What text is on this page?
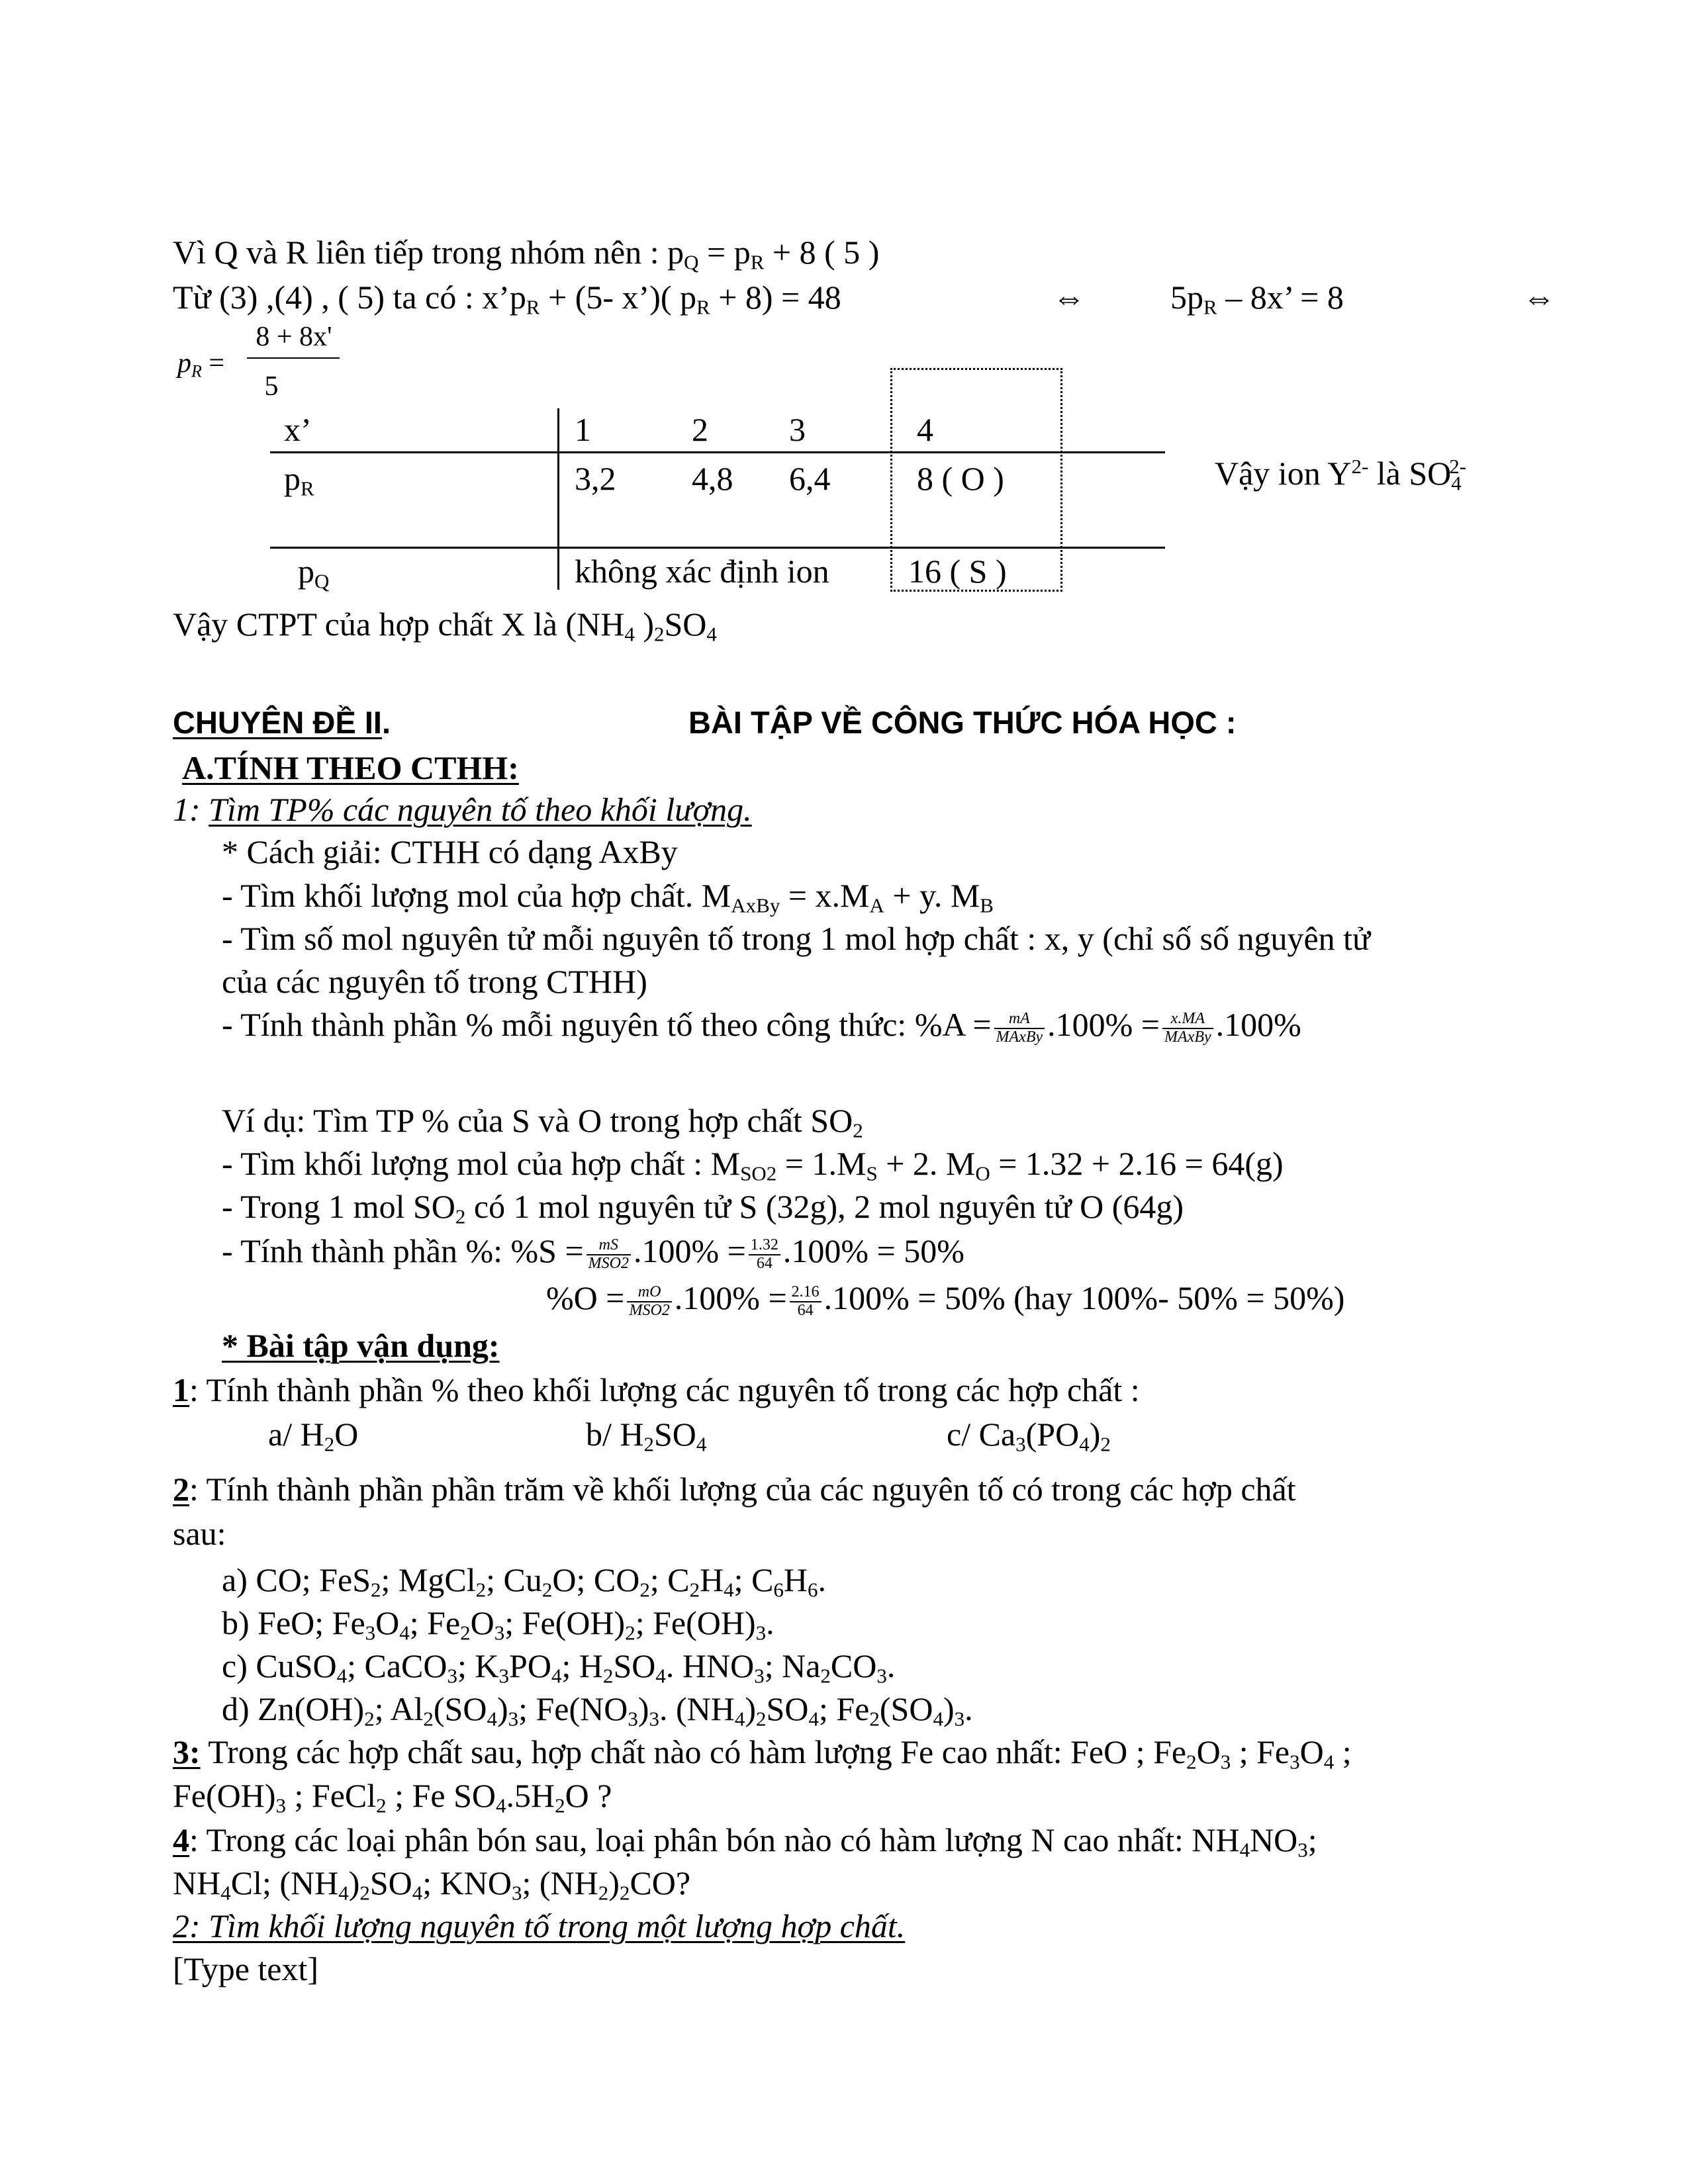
Vì Q và R liên tiếp trong nhóm nên : $p_Q = p_R + 8$ ( 5 )
Từ (3) ,(4) , ( 5) ta có : $x’p_R + (5-$ x’)( $p_R + 8) = 48$	⇔	$5p_R - 8x$’ = 8	⇔
$p_R$ =
8 + 8x'
5
x’	1	2 3	4
$p_R$	3,2 4,8 6,4	8 ( O )
$p_Q$	không xác định ion 16 ( S )
Vậy ion $Y^{2-}$ là $SO_4^{2-}$
Vậy CTPT của hợp chất X là ($NH_4$ )$_2SO_4$
CHUYÊN ĐỀ II.	BÀI TẬP VỀ CÔNG THỨC HÓA HỌC :
A.TÍNH THEO CTHH:
1: Tìm TP% các nguyên tố theo khối lượng.
* Cách giải: CTHH có dạng AxBy
- Tìm khối lượng mol của hợp chất. $M_{AxBy} = x.M_A + y$. $M_B$
- Tìm số mol nguyên tử mỗi nguyên tố trong 1 mol hợp chất : x, y (chỉ số số nguyên tử
của các nguyên tố trong CTHH)
- Tính thành phần % mỗi nguyên tố theo công thức: $\%A = \frac{mA}{\text{MAxBy}} .100\% = \frac{x.MA}{\text{MAxBy}} .100\%$
Ví dụ: Tìm TP % của S và O trong hợp chất $SO_2$
- Tìm khối lượng mol của hợp chất : $M_{SO2} = 1.M_S + 2$. $M_O = 1.32 + 2.16 = 64(g)$
- Trong 1 mol $SO_2$ có 1 mol nguyên tử S (32g), 2 mol nguyên tử O (64g)
- Tính thành phần %: $\%S = \frac{mS}{\text{MSO2}} .100\% = \frac{1.32}{64} .100\% = 50\%$
$\%O = \frac{mO}{\text{MSO2}} .100\% = \frac{2.16}{64} .100\% = 50\%$ (hay 100%- 50% = 50%)
* Bài tập vận dụng:
1: Tính thành phần % theo khối lượng các nguyên tố trong các hợp chất :
a/ $H_2O$	b/ $H_2SO_4$	c/ $Ca_3(PO_4)_2$
2: Tính thành phần phần trăm về khối lượng của các nguyên tố có trong các hợp chất
sau:
a) CO; FeS$_2$; MgCl$_2$; $Cu_2O$; $CO_2$; $C_2H_4$; $C_6H_6$.
b) FeO; $Fe_3O_4$; $Fe_2O_3$; $Fe(OH)_2$; $Fe(OH)_3$.
c) CuSO$_4$; CaCO$_3$; $K_3PO_4$; $H_2SO_4$. $HNO_3$; $Na_2CO_3$.
d) $Zn(OH)_2$; $Al_2(SO_4)_3$; $Fe(NO_3)_3$. $(NH_4)_2SO_4$; $Fe_2(SO_4)_3$.
3: Trong các hợp chất sau, hợp chất nào có hàm lượng Fe cao nhất: FeO ; $Fe_2O_3$ ; $Fe_3O_4$ ;
$Fe(OH)_3$ ; FeCl$_2$ ; Fe $SO_4.5H_2O$ ?
4: Trong các loại phân bón sau, loại phân bón nào có hàm lượng N cao nhất: $NH_4NO_3$;
$NH_4Cl$; $(NH_4)_2SO_4$; $KNO_3$; $(NH_2)_2CO$?
2: Tìm khối lượng nguyên tố trong một lượng hợp chất.
[Type text]
